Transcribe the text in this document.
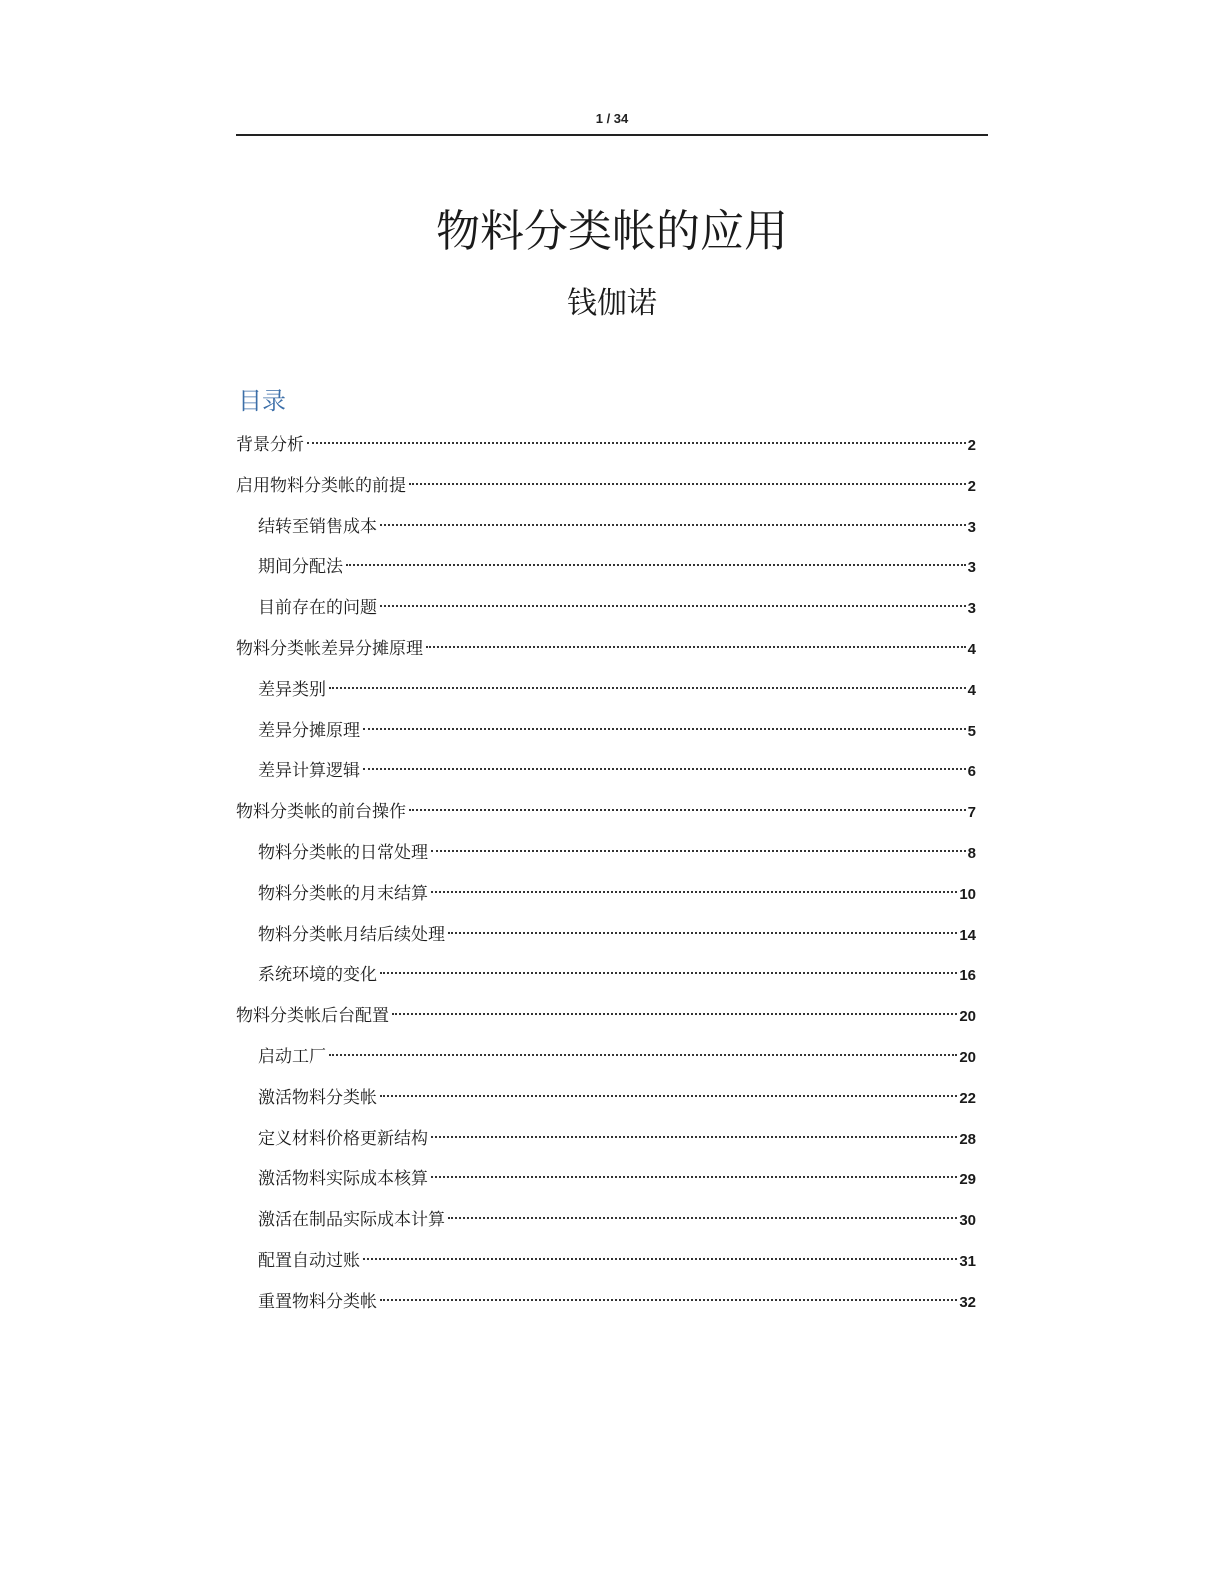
1 / 34
物料分类帐的应用
钱伽诺
目录
背景分析	2
启用物料分类帐的前提	2
结转至销售成本	3
期间分配法	3
目前存在的问题	3
物料分类帐差异分摊原理	4
差异类别	4
差异分摊原理	5
差异计算逻辑	6
物料分类帐的前台操作	7
物料分类帐的日常处理	8
物料分类帐的月末结算	10
物料分类帐月结后续处理	14
系统环境的变化	16
物料分类帐后台配置	20
启动工厂	20
激活物料分类帐	22
定义材料价格更新结构	28
激活物料实际成本核算	29
激活在制品实际成本计算	30
配置自动过账	31
重置物料分类帐	32
